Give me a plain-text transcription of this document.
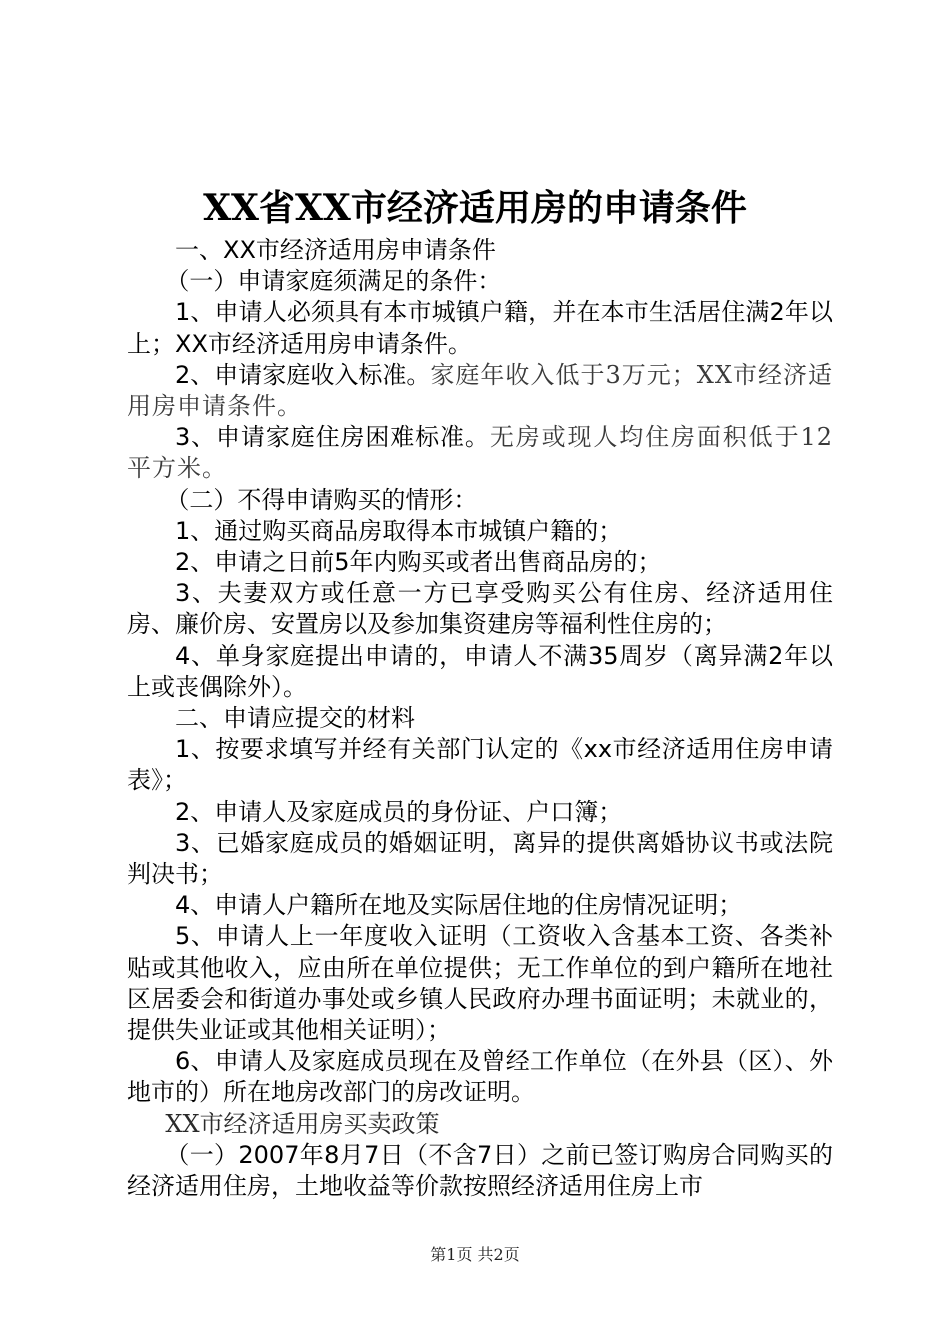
XX省XX市经济适用房的申请条件

一、XX市经济适用房申请条件

（一）申请家庭须满足的条件：

1、申请人必须具有本市城镇户籍，并在本市生活居住满2年以上；XX市经济适用房申请条件。

2、申请家庭收入标准。家庭年收入低于3万元；XX市经济适用房申请条件。

3、申请家庭住房困难标准。无房或现人均住房面积低于12平方米。

（二）不得申请购买的情形：

1、通过购买商品房取得本市城镇户籍的；

2、申请之日前5年内购买或者出售商品房的；

3、夫妻双方或任意一方已享受购买公有住房、经济适用住房、廉价房、安置房以及参加集资建房等福利性住房的；

4、单身家庭提出申请的，申请人不满35周岁（离异满2年以上或丧偶除外）。

二、申请应提交的材料

1、按要求填写并经有关部门认定的《xx市经济适用住房申请表》；

2、申请人及家庭成员的身份证、户口簿；

3、已婚家庭成员的婚姻证明，离异的提供离婚协议书或法院判决书；

4、申请人户籍所在地及实际居住地的住房情况证明；

5、申请人上一年度收入证明（工资收入含基本工资、各类补贴或其他收入，应由所在单位提供；无工作单位的到户籍所在地社区居委会和街道办事处或乡镇人民政府办理书面证明；未就业的，提供失业证或其他相关证明）；

6、申请人及家庭成员现在及曾经工作单位（在外县（区）、外地市的）所在地房改部门的房改证明。

XX市经济适用房买卖政策

（一）2007年8月7日（不含7日）之前已签订购房合同购买的经济适用住房，土地收益等价款按照经济适用住房上市

第1页 共2页
